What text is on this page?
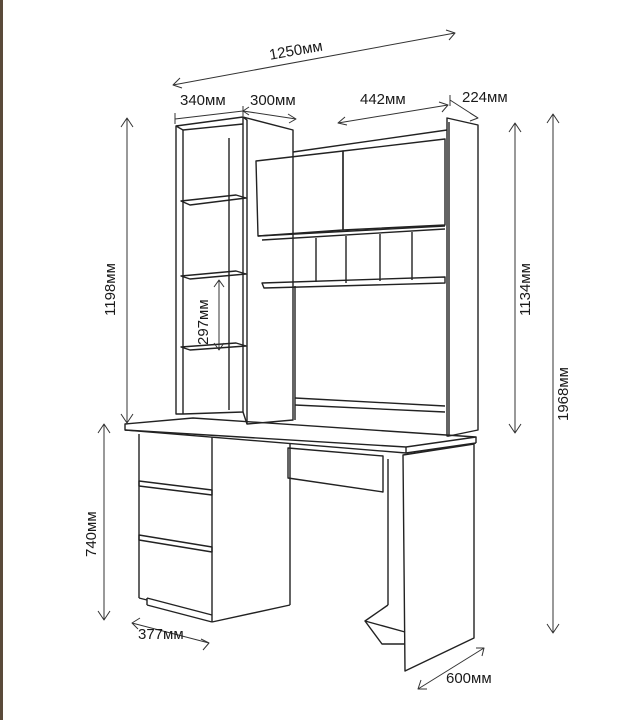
1250мм
340мм 300мм	442мм	224мм
1198мм
297мм
1134мм
1968мм
740мм
377мм
600мм
